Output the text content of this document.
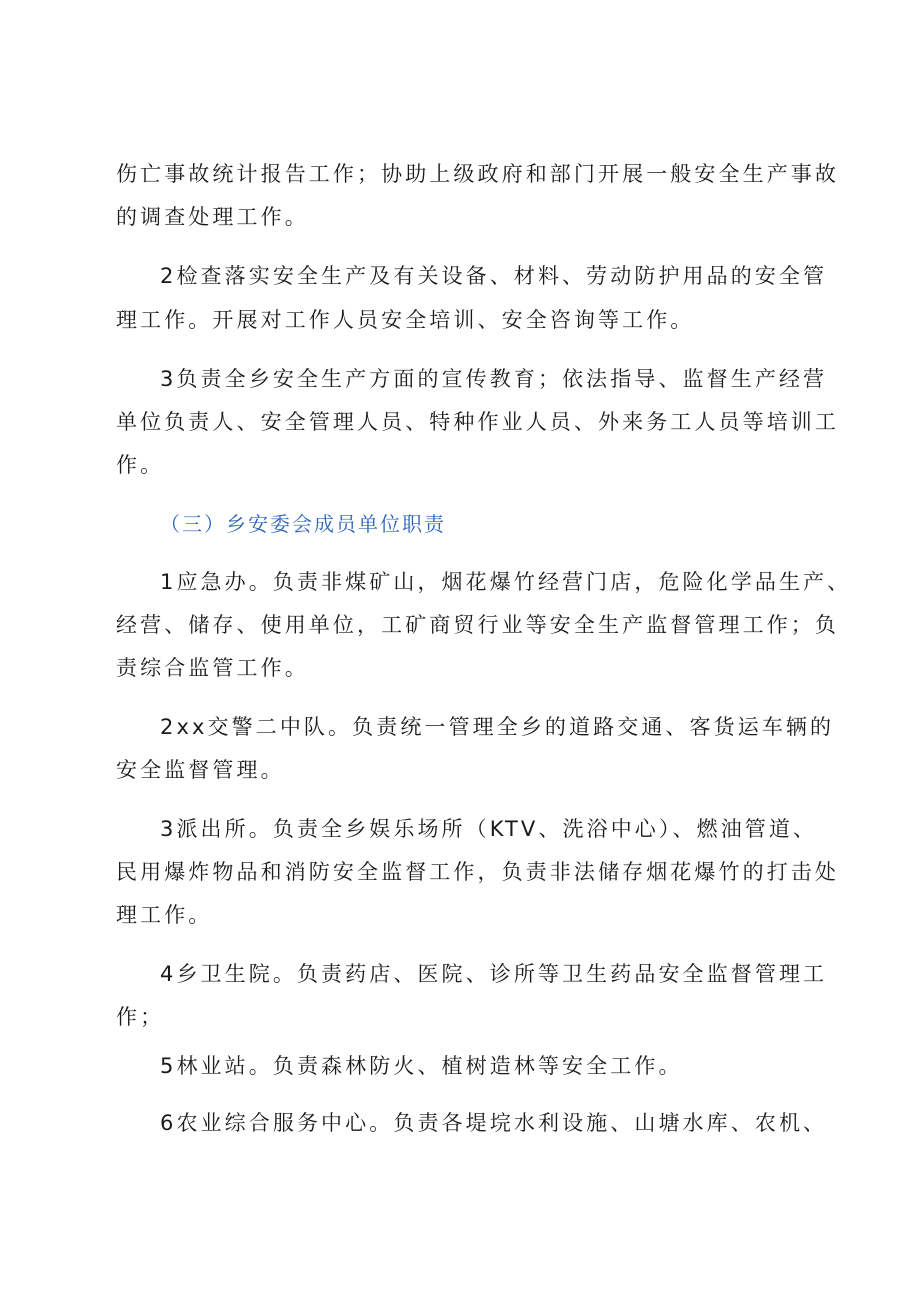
伤亡事故统计报告工作；协助上级政府和部门开展一般安全生产事故
的调查处理工作。
2检查落实安全生产及有关设备、材料、劳动防护用品的安全管
理工作。开展对工作人员安全培训、安全咨询等工作。
3负责全乡安全生产方面的宣传教育；依法指导、监督生产经营
单位负责人、安全管理人员、特种作业人员、外来务工人员等培训工
作。
（三）乡安委会成员单位职责
1应急办。负责非煤矿山，烟花爆竹经营门店，危险化学品生产、
经营、储存、使用单位，工矿商贸行业等安全生产监督管理工作；负
责综合监管工作。
2xx交警二中队。负责统一管理全乡的道路交通、客货运车辆的
安全监督管理。
3派出所。负责全乡娱乐场所（KTV、洗浴中心）、燃油管道、
民用爆炸物品和消防安全监督工作，负责非法储存烟花爆竹的打击处
理工作。
4乡卫生院。负责药店、医院、诊所等卫生药品安全监督管理工
作；
5林业站。负责森林防火、植树造林等安全工作。
6农业综合服务中心。负责各堤垸水利设施、山塘水库、农机、
